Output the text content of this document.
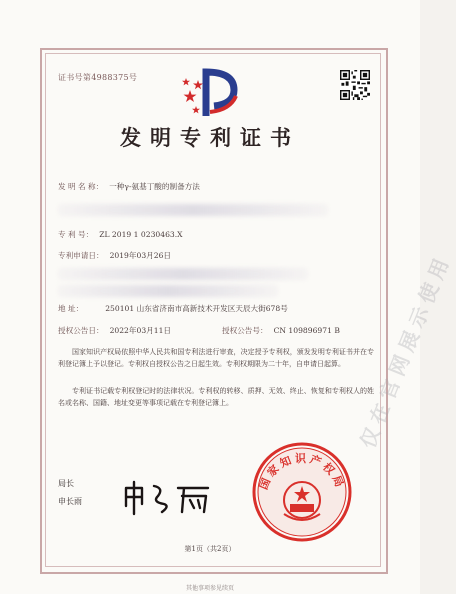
证书号第4988375号
发明专利证书
发 明 名 称： 一种γ-氨基丁酸的制备方法
专 利 号： ZL 2019 1 0230463.X
专利申请日： 2019年03月26日
地 址：	250101 山东省济南市高新技术开发区天辰大街678号
授权公告日： 2022年03月11日	授权公告号： CN 109896971 B
国家知识产权局依照中华人民共和国专利法进行审查，决定授予专利权，颁发发明专利证书并在专利登记簿上予以登记。专利权自授权公告之日起生效。专利权期限为二十年，自申请日起算。
专利证书记载专利权登记时的法律状况。专利权的转移、质押、无效、终止、恢复和专利权人的姓名或名称、国籍、地址变更等事项记载在专利登记簿上。
局长
申长雨
国家知识产权局
第1页（共2页）
其他事项参见续页
仅在官网展示使用
